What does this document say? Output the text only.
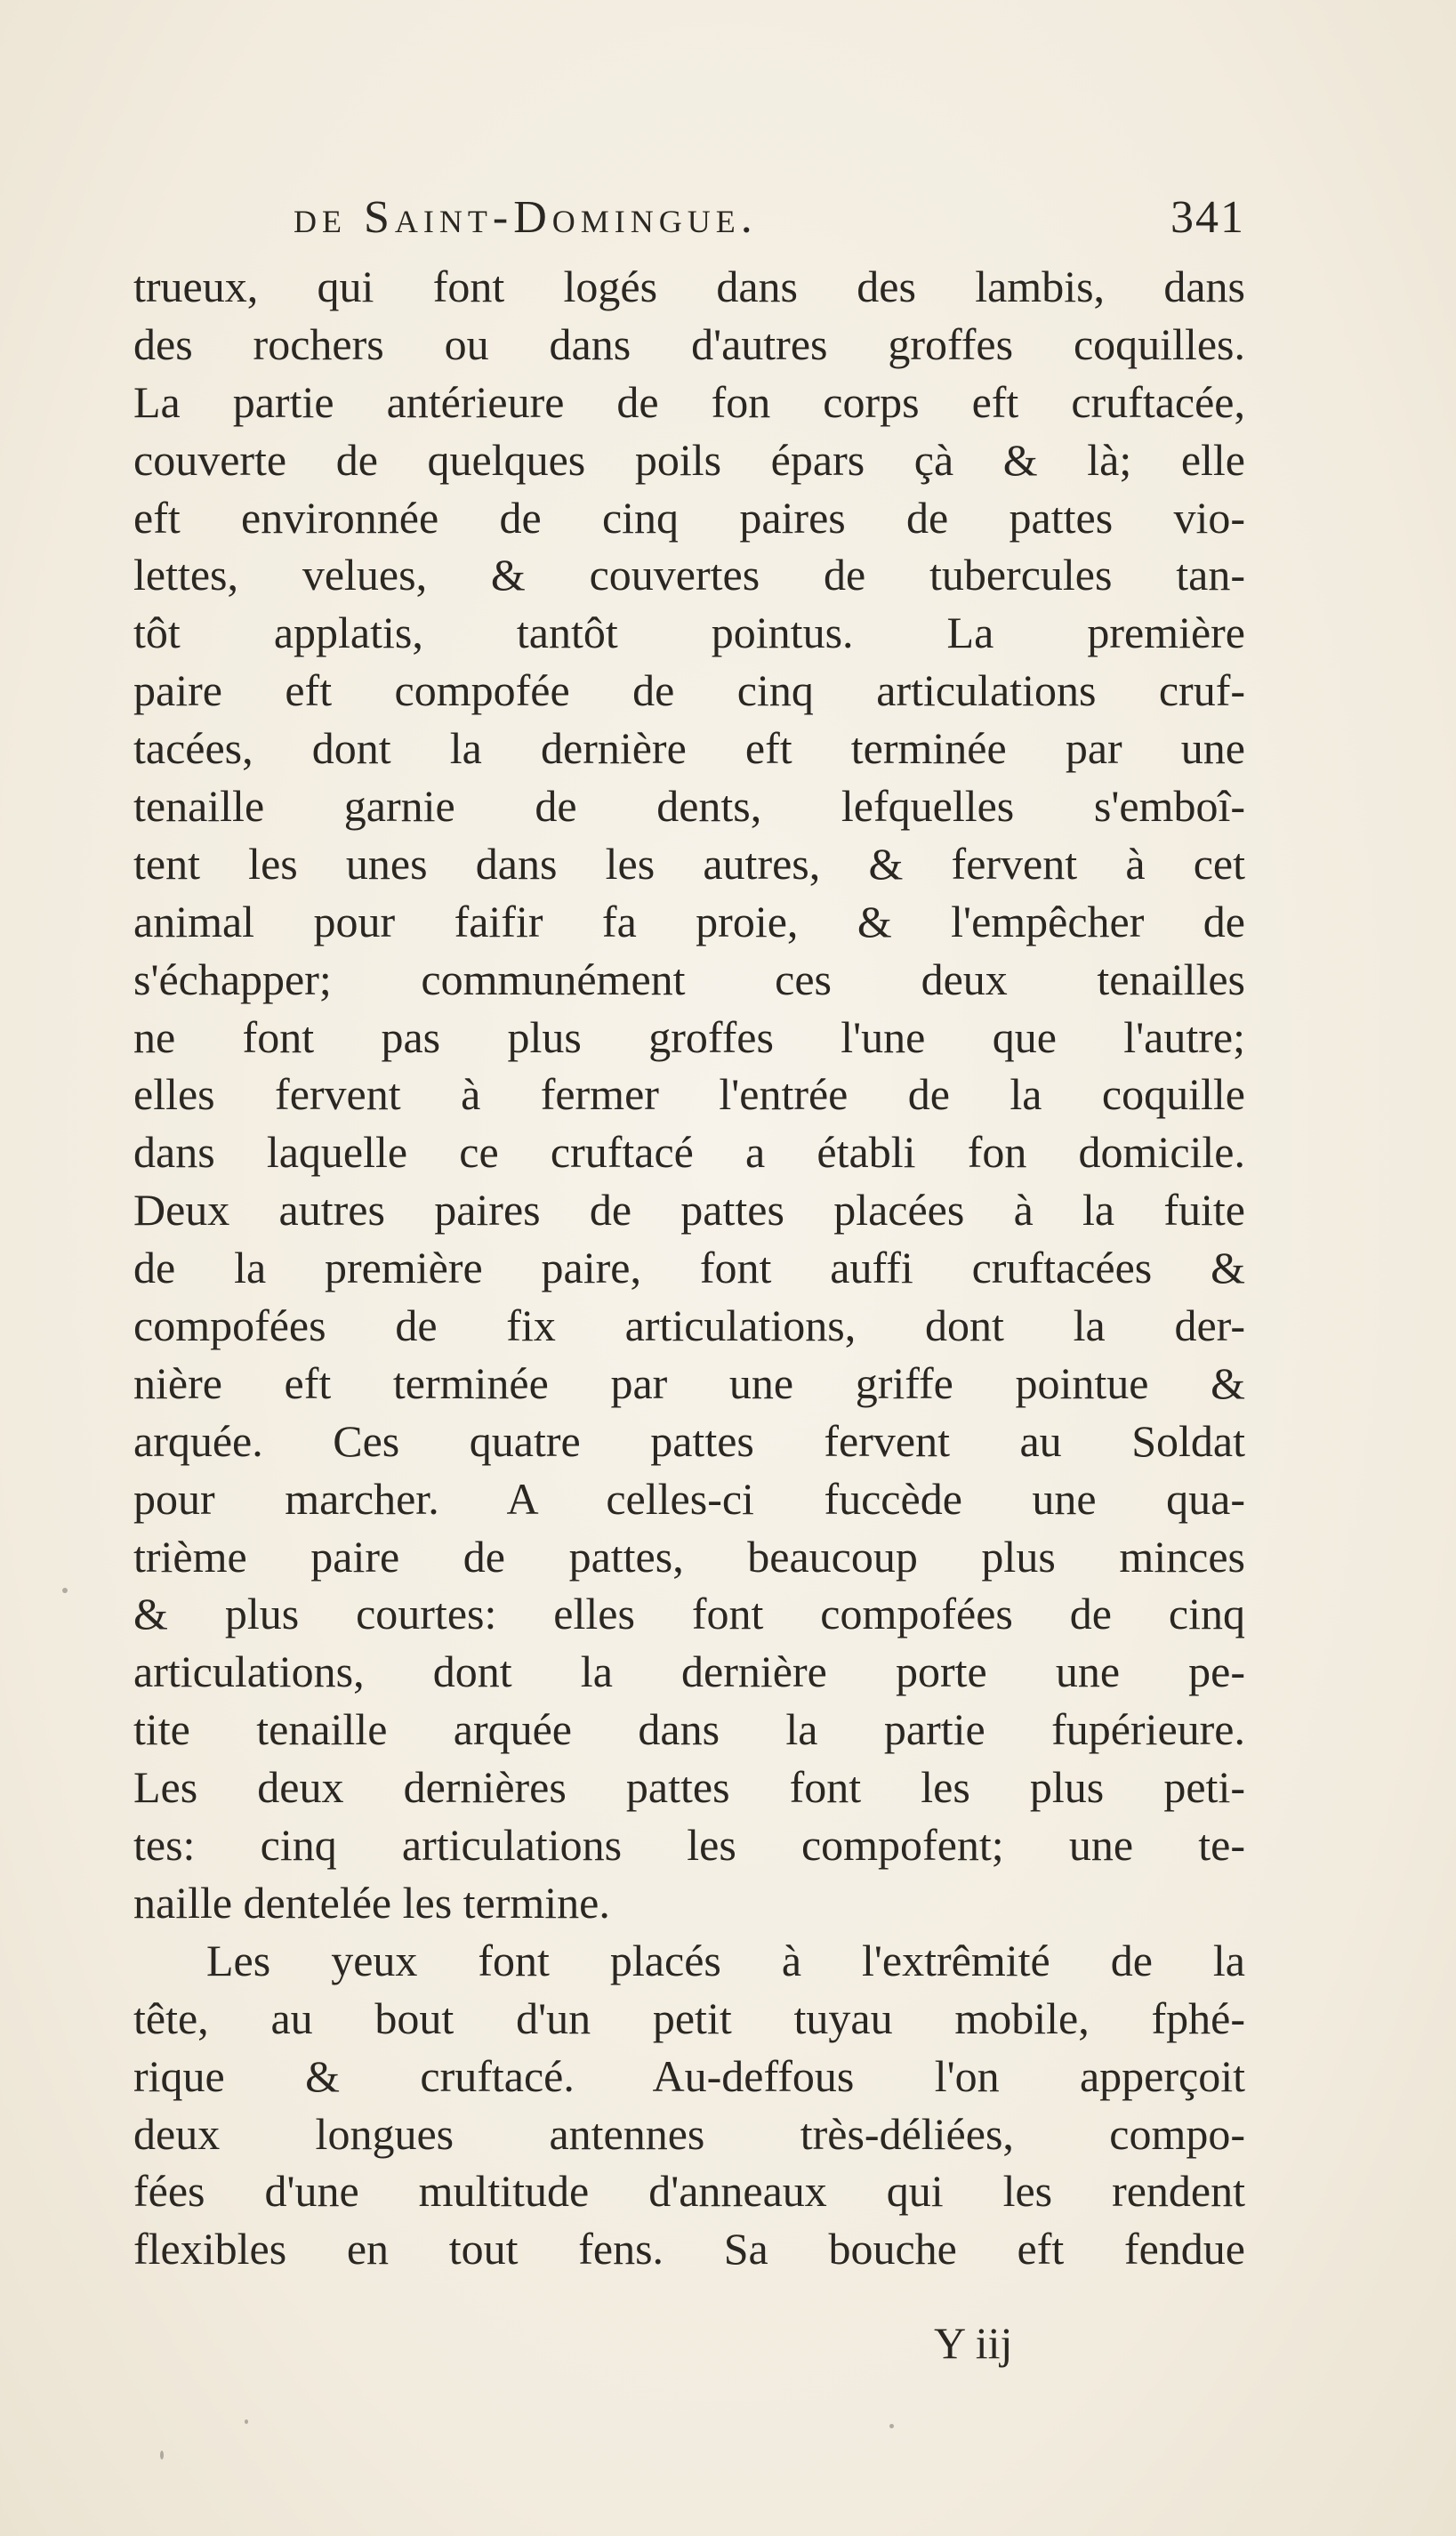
de Saint-Domingue.	341
trueux, qui font logés dans des lambis, dans
des rochers ou dans d'autres groffes coquilles.
La partie antérieure de fon corps eft cruftacée,
couverte de quelques poils épars çà & là; elle
eft environnée de cinq paires de pattes vio-
lettes, velues, & couvertes de tubercules tan-
tôt applatis, tantôt pointus. La première
paire eft compofée de cinq articulations cruf-
tacées, dont la dernière eft terminée par une
tenaille garnie de dents, lefquelles s'emboî-
tent les unes dans les autres, & fervent à cet
animal pour faifir fa proie, & l'empêcher de
s'échapper; communément ces deux tenailles
ne font pas plus groffes l'une que l'autre;
elles fervent à fermer l'entrée de la coquille
dans laquelle ce cruftacé a établi fon domicile.
Deux autres paires de pattes placées à la fuite
de la première paire, font auffi cruftacées &
compofées de fix articulations, dont la der-
nière eft terminée par une griffe pointue &
arquée. Ces quatre pattes fervent au Soldat
pour marcher. A celles-ci fuccède une qua-
trième paire de pattes, beaucoup plus minces
& plus courtes: elles font compofées de cinq
articulations, dont la dernière porte une pe-
tite tenaille arquée dans la partie fupérieure.
Les deux dernières pattes font les plus peti-
tes: cinq articulations les compofent; une te-
naille dentelée les termine.
Les yeux font placés à l'extrêmité de la
tête, au bout d'un petit tuyau mobile, fphé-
rique & cruftacé. Au-deffous l'on apperçoit
deux longues antennes très-déliées, compo-
fées d'une multitude d'anneaux qui les rendent
flexibles en tout fens. Sa bouche eft fendue
Y iij
